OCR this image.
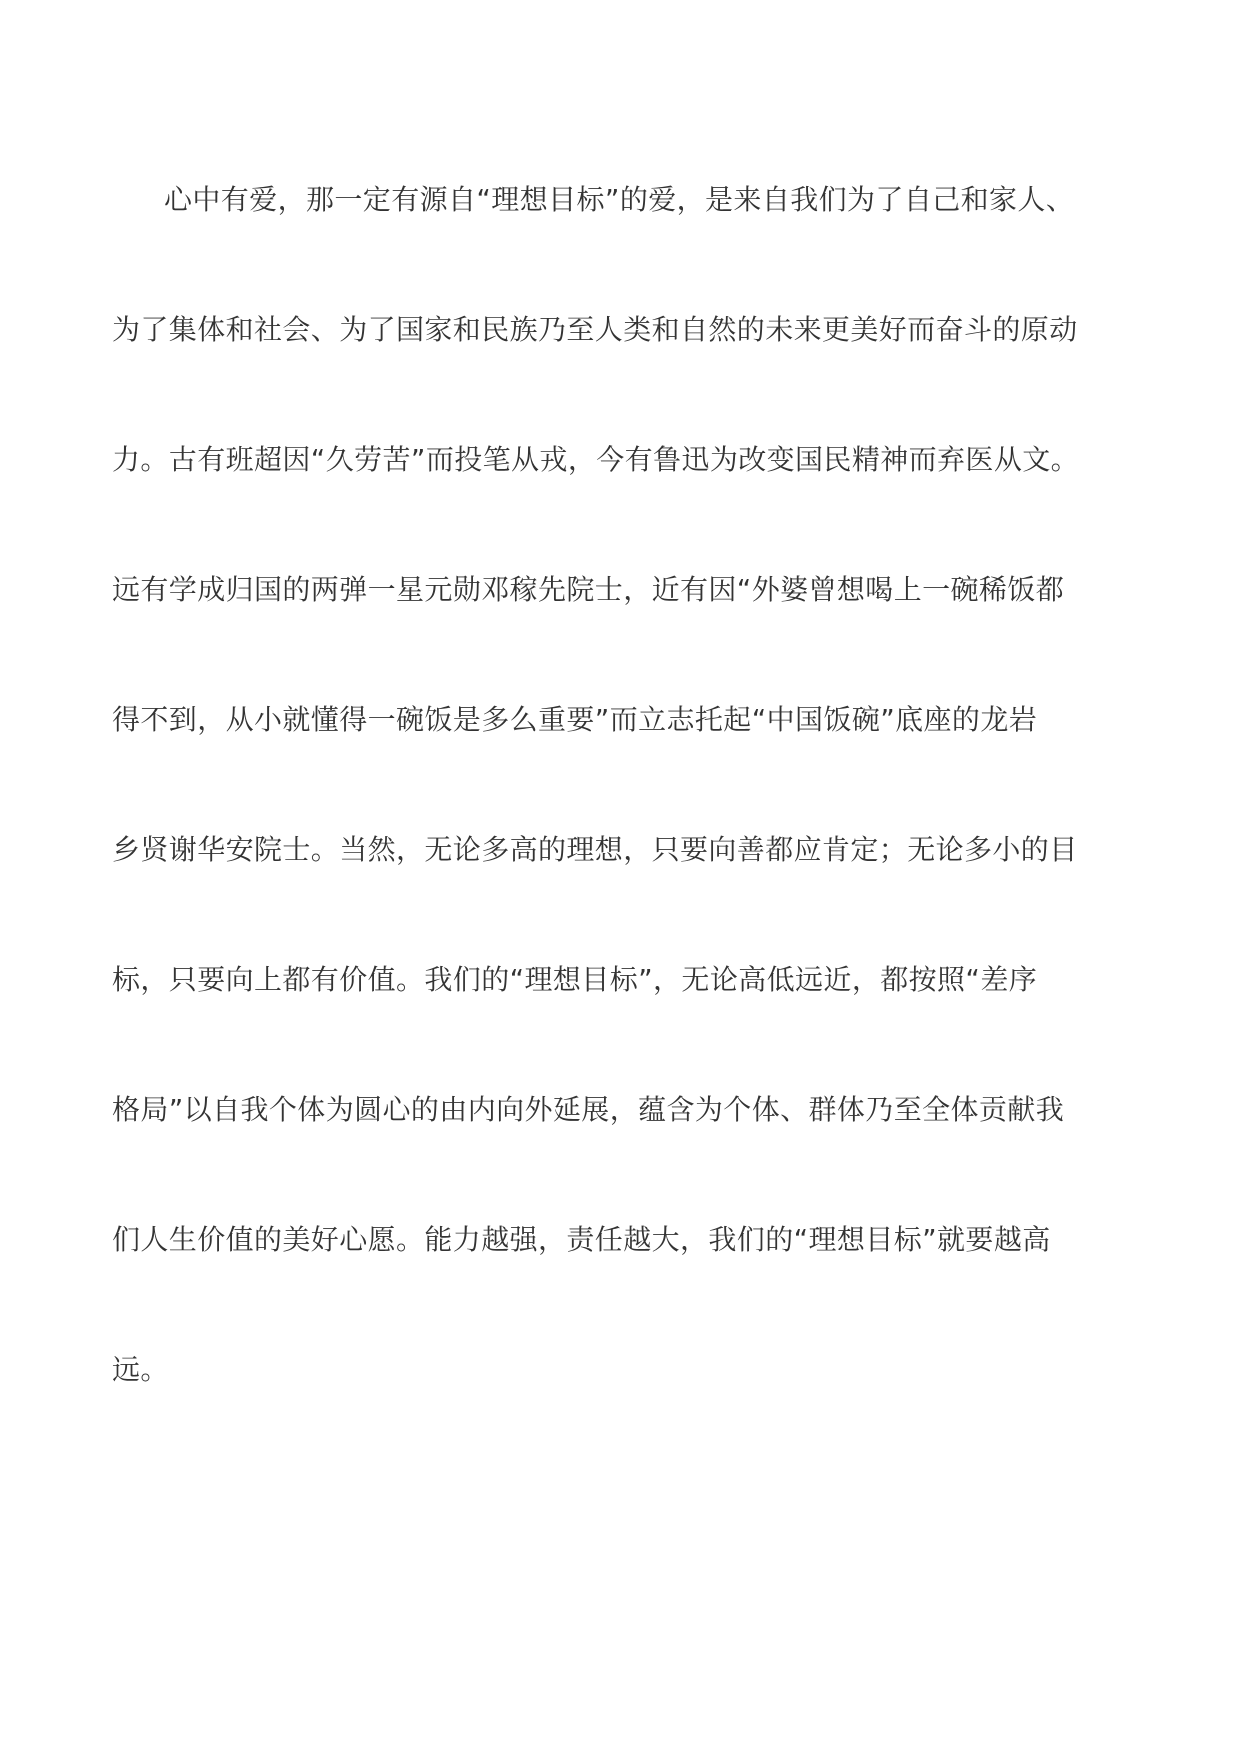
心中有爱，那一定有源自“理想目标”的爱，是来自我们为了自己和家人、
为了集体和社会、为了国家和民族乃至人类和自然的未来更美好而奋斗的原动
力。古有班超因“久劳苦”而投笔从戎，今有鲁迅为改变国民精神而弃医从文。
远有学成归国的两弹一星元勋邓稼先院士，近有因“外婆曾想喝上一碗稀饭都
得不到，从小就懂得一碗饭是多么重要”而立志托起“中国饭碗”底座的龙岩
乡贤谢华安院士。当然，无论多高的理想，只要向善都应肯定；无论多小的目
标，只要向上都有价值。我们的“理想目标”，无论高低远近，都按照“差序
格局”以自我个体为圆心的由内向外延展，蕴含为个体、群体乃至全体贡献我
们人生价值的美好心愿。能力越强，责任越大，我们的“理想目标”就要越高
远。
